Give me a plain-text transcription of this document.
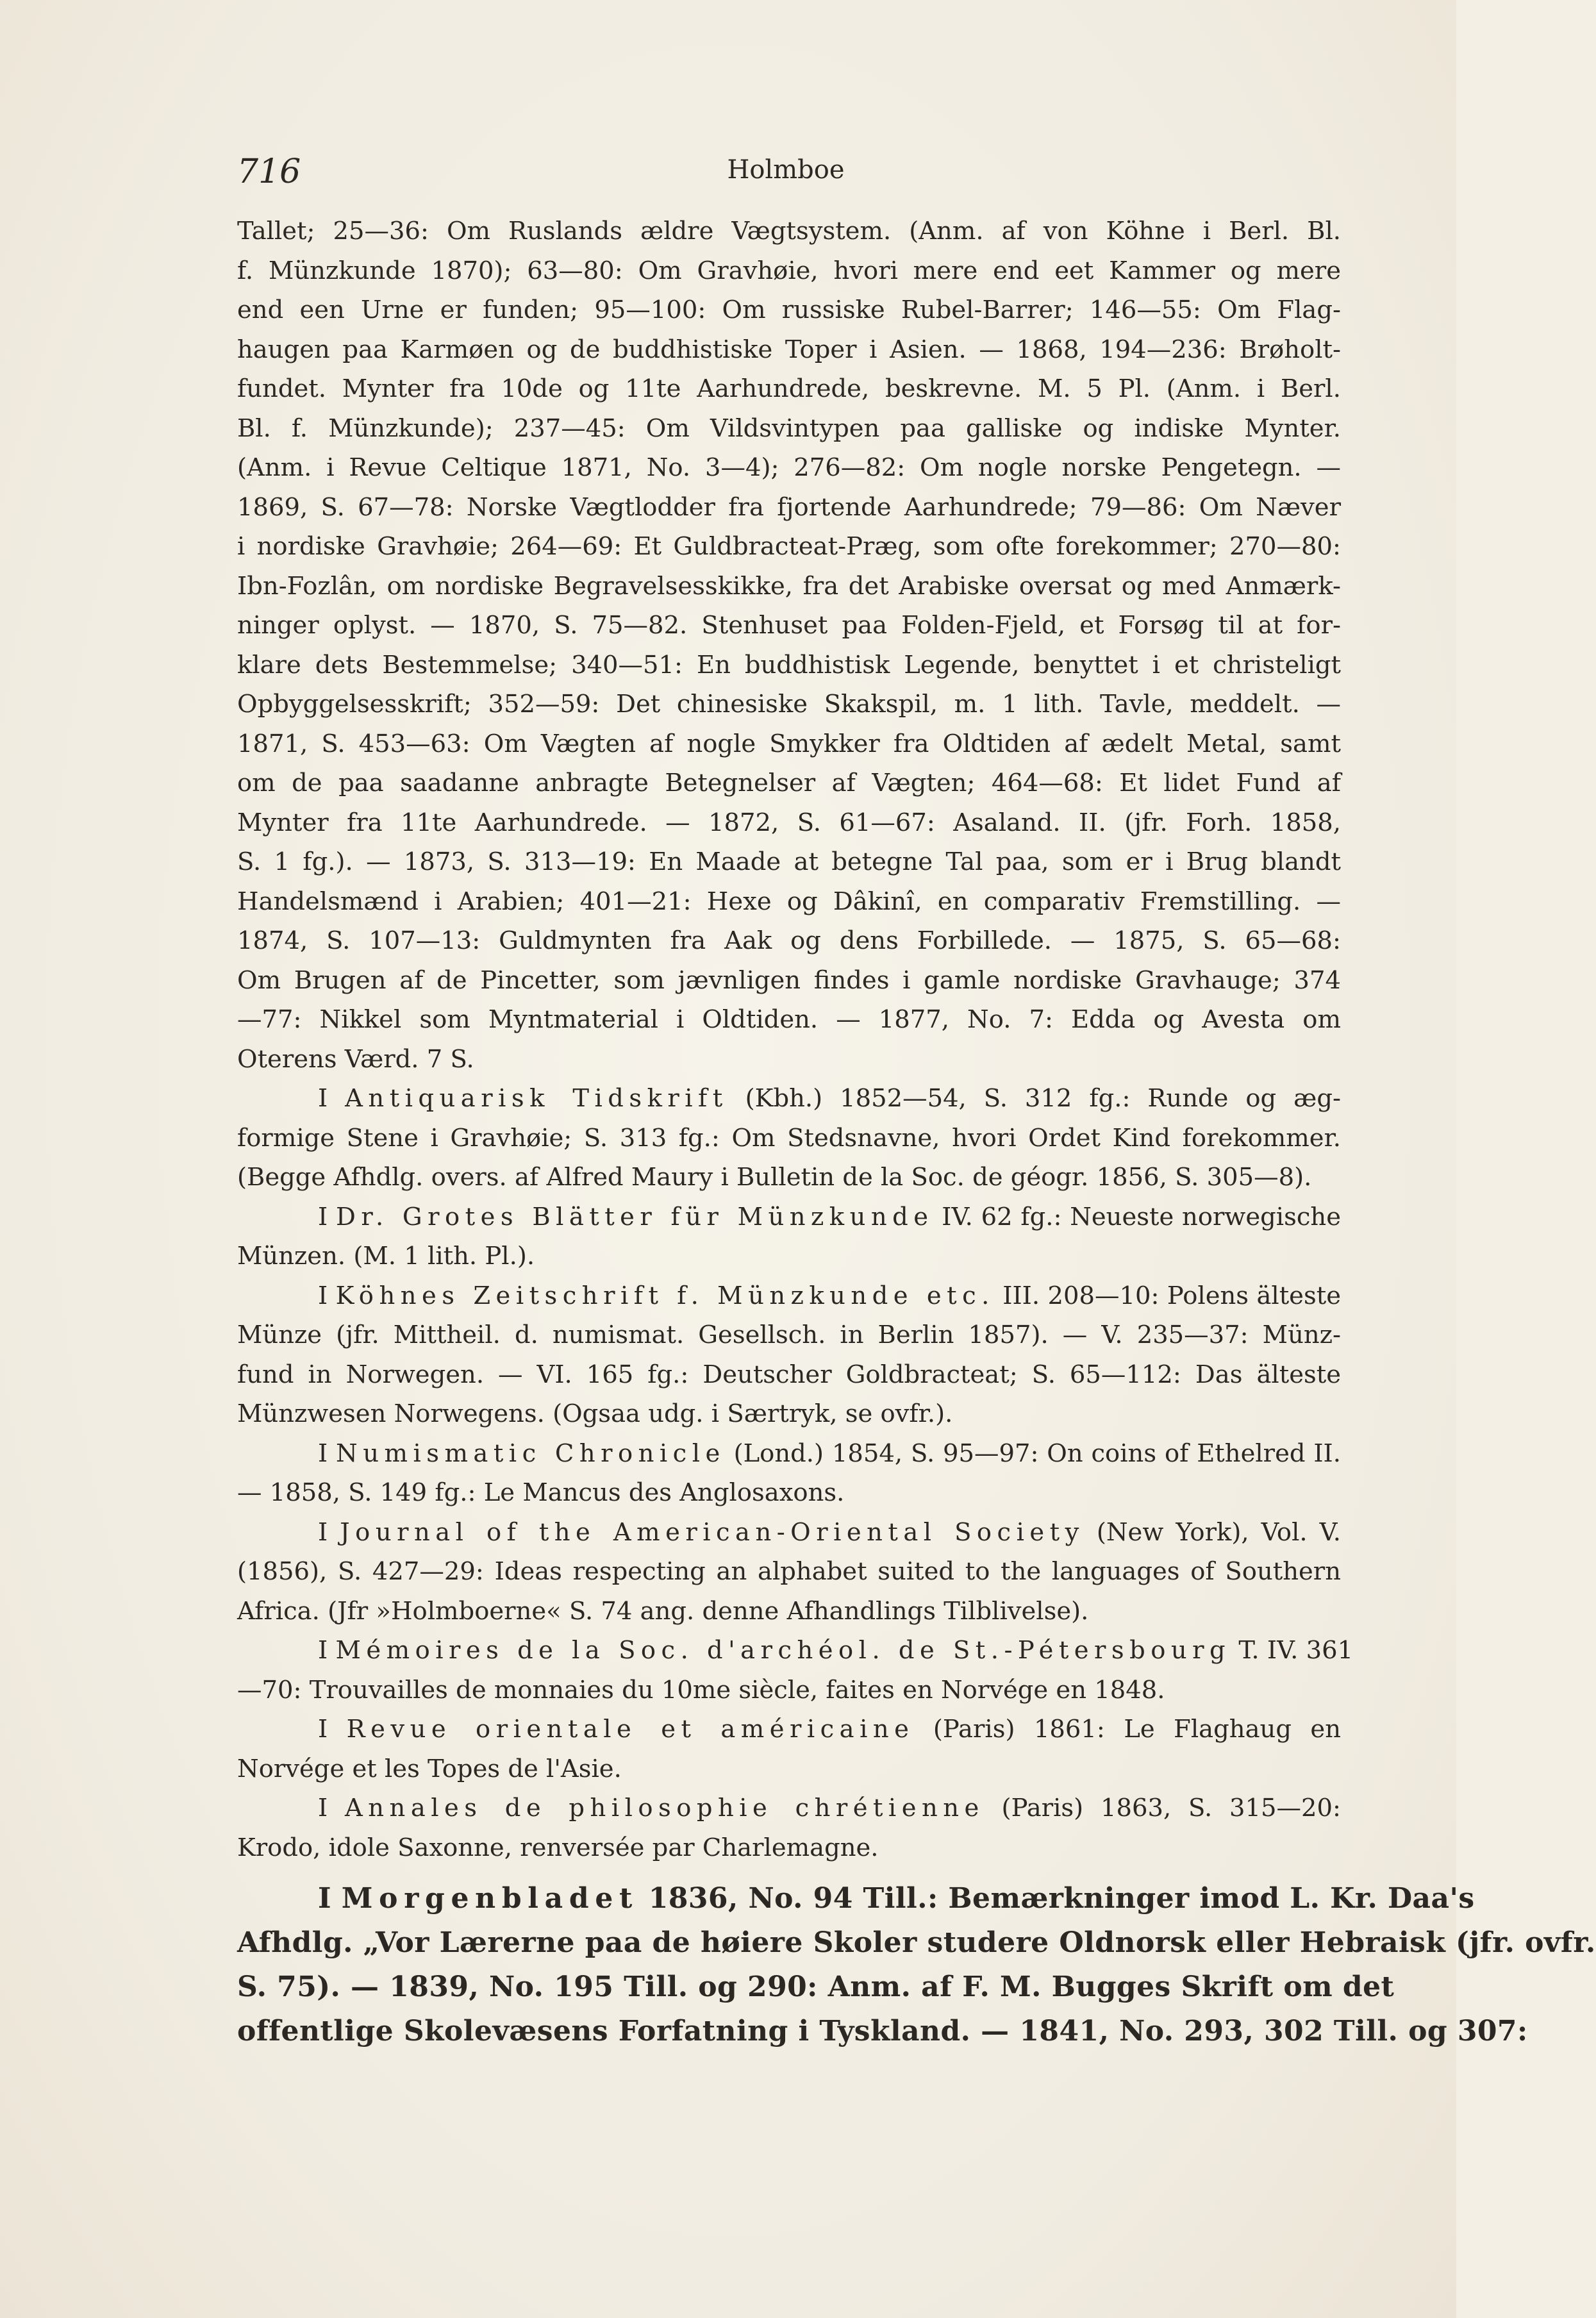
716	Holmboe
Tallet; 25—36: Om Ruslands ældre Vægtsystem. (Anm. af von Köhne i Berl. Bl.
f. Münzkunde 1870); 63—80: Om Gravhøie, hvori mere end eet Kammer og mere
end een Urne er funden; 95—100: Om russiske Rubel-Barrer; 146—55: Om Flag-
haugen paa Karmøen og de buddhistiske Toper i Asien. — 1868, 194—236: Brøholt-
fundet. Mynter fra 10de og 11te Aarhundrede, beskrevne. M. 5 Pl. (Anm. i Berl.
Bl. f. Münzkunde); 237—45: Om Vildsvintypen paa galliske og indiske Mynter.
(Anm. i Revue Celtique 1871, No. 3—4); 276—82: Om nogle norske Pengetegn. —
1869, S. 67—78: Norske Vægtlodder fra fjortende Aarhundrede; 79—86: Om Næver
i nordiske Gravhøie; 264—69: Et Guldbracteat-Præg, som ofte forekommer; 270—80:
Ibn-Fozlân, om nordiske Begravelsesskikke, fra det Arabiske oversat og med Anmærk-
ninger oplyst. — 1870, S. 75—82. Stenhuset paa Folden-Fjeld, et Forsøg til at for-
klare dets Bestemmelse; 340—51: En buddhistisk Legende, benyttet i et christeligt
Opbyggelsesskrift; 352—59: Det chinesiske Skakspil, m. 1 lith. Tavle, meddelt. —
1871, S. 453—63: Om Vægten af nogle Smykker fra Oldtiden af ædelt Metal, samt
om de paa saadanne anbragte Betegnelser af Vægten; 464—68: Et lidet Fund af
Mynter fra 11te Aarhundrede. — 1872, S. 61—67: Asaland. II. (jfr. Forh. 1858,
S. 1 fg.). — 1873, S. 313—19: En Maade at betegne Tal paa, som er i Brug blandt
Handelsmænd i Arabien; 401—21: Hexe og Dâkinî, en comparativ Fremstilling. —
1874, S. 107—13: Guldmynten fra Aak og dens Forbillede. — 1875, S. 65—68:
Om Brugen af de Pincetter, som jævnligen findes i gamle nordiske Gravhauge; 374
—77: Nikkel som Myntmaterial i Oldtiden. — 1877, No. 7: Edda og Avesta om
Oterens Værd. 7 S.
I Antiquarisk Tidskrift (Kbh.) 1852—54, S. 312 fg.: Runde og æg-
formige Stene i Gravhøie; S. 313 fg.: Om Stedsnavne, hvori Ordet Kind forekommer.
(Begge Afhdlg. overs. af Alfred Maury i Bulletin de la Soc. de géogr. 1856, S. 305—8).
I Dr. Grotes Blätter für Münzkunde IV. 62 fg.: Neueste norwegische
Münzen. (M. 1 lith. Pl.).
I Köhnes Zeitschrift f. Münzkunde etc. III. 208—10: Polens älteste
Münze (jfr. Mittheil. d. numismat. Gesellsch. in Berlin 1857). — V. 235—37: Münz-
fund in Norwegen. — VI. 165 fg.: Deutscher Goldbracteat; S. 65—112: Das älteste
Münzwesen Norwegens. (Ogsaa udg. i Særtryk, se ovfr.).
I Numismatic Chronicle (Lond.) 1854, S. 95—97: On coins of Ethelred II.
— 1858, S. 149 fg.: Le Mancus des Anglosaxons.
I Journal of the American-Oriental Society (New York), Vol. V.
(1856), S. 427—29: Ideas respecting an alphabet suited to the languages of Southern
Africa. (Jfr »Holmboerne« S. 74 ang. denne Afhandlings Tilblivelse).
I Mémoires de la Soc. d'archéol. de St.-Pétersbourg T. IV. 361
—70: Trouvailles de monnaies du 10me siècle, faites en Norvége en 1848.
I Revue orientale et américaine (Paris) 1861: Le Flaghaug en
Norvége et les Topes de l'Asie.
I Annales de philosophie chrétienne (Paris) 1863, S. 315—20:
Krodo, idole Saxonne, renversée par Charlemagne.
I Morgenbladet 1836, No. 94 Till.: Bemærkninger imod L. Kr. Daa's
Afhdlg. „Vor Lærerne paa de høiere Skoler studere Oldnorsk eller Hebraisk (jfr. ovfr.
S. 75). — 1839, No. 195 Till. og 290: Anm. af F. M. Bugges Skrift om det
offentlige Skolevæsens Forfatning i Tyskland. — 1841, No. 293, 302 Till. og 307:
